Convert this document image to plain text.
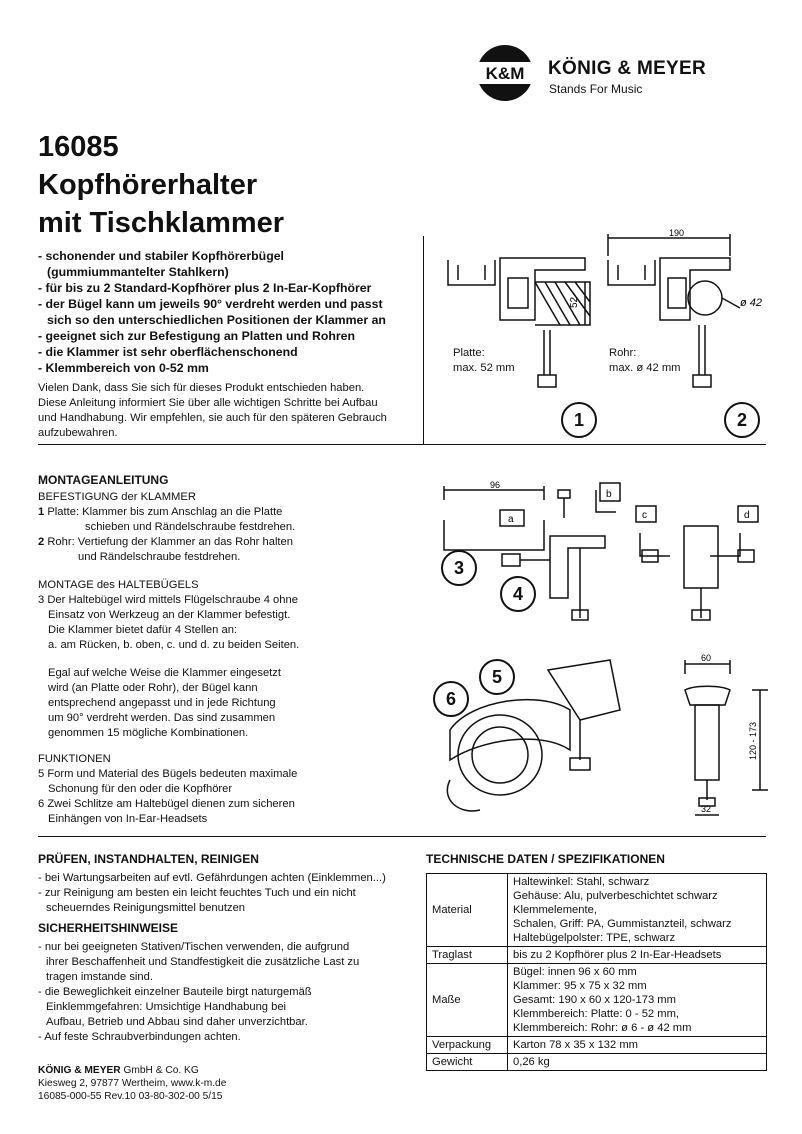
K&M KÖNIG & MEYER
Stands For Music
16085
Kopfhörerhalter
mit Tischklammer
- schonender und stabiler Kopfhörerbügel
(gummiummantelter Stahlkern)
- für bis zu 2 Standard-Kopfhörer plus 2 In-Ear-Kopfhörer
- der Bügel kann um jeweils 90° verdreht werden und passt
sich so den unterschiedlichen Positionen der Klammer an
- geeignet sich zur Befestigung an Platten und Rohren
- die Klammer ist sehr oberflächenschonend
- Klemmbereich von 0-52 mm
Vielen Dank, dass Sie sich für dieses Produkt entschieden haben.
Diese Anleitung informiert Sie über alle wichtigen Schritte bei Aufbau
und Handhabung. Wir empfehlen, sie auch für den späteren Gebrauch
aufzubewahren.
52
190
ø 42
Platte:
max. 52 mm
Rohr:
max. ø 42 mm
1	2
96
a
b
c	d
3
4
60
120 - 173
32
5
6
MONTAGEANLEITUNG
BEFESTIGUNG der KLAMMER
1 Platte: Klammer bis zum Anschlag an die Platte
schieben und Rändelschraube festdrehen.
2 Rohr: Vertiefung der Klammer an das Rohr halten
und Rändelschraube festdrehen.
MONTAGE des HALTEBÜGELS
3 Der Haltebügel wird mittels Flügelschraube 4 ohne
Einsatz von Werkzeug an der Klammer befestigt.
Die Klammer bietet dafür 4 Stellen an:
a. am Rücken, b. oben, c. und d. zu beiden Seiten.
Egal auf welche Weise die Klammer eingesetzt
wird (an Platte oder Rohr), der Bügel kann
entsprechend angepasst und in jede Richtung
um 90° verdreht werden. Das sind zusammen
genommen 15 mögliche Kombinationen.
FUNKTIONEN
5 Form und Material des Bügels bedeuten maximale
Schonung für den oder die Kopfhörer
6 Zwei Schlitze am Haltebügel dienen zum sicheren
Einhängen von In-Ear-Headsets
PRÜFEN, INSTANDHALTEN, REINIGEN
- bei Wartungsarbeiten auf evtl. Gefährdungen achten (Einklemmen...)
- zur Reinigung am besten ein leicht feuchtes Tuch und ein nicht
scheuerndes Reinigungsmittel benutzen
SICHERHEITSHINWEISE
- nur bei geeigneten Stativen/Tischen verwenden, die aufgrund
ihrer Beschaffenheit und Standfestigkeit die zusätzliche Last zu
tragen imstande sind.
- die Beweglichkeit einzelner Bauteile birgt naturgemäß
Einklemmgefahren: Umsichtige Handhabung bei
Aufbau, Betrieb und Abbau sind daher unverzichtbar.
- Auf feste Schraubverbindungen achten.
TECHNISCHE DATEN / SPEZIFIKATIONEN
Material	Haltewinkel: Stahl, schwarz
Gehäuse: Alu, pulverbeschichtet schwarz
Klemmelemente,
Schalen, Griff: PA, Gummistanzteil, schwarz
Haltebügelpolster: TPE, schwarz

Traglast	bis zu 2 Kopfhörer plus 2 In-Ear-Headsets

Maße	Bügel: innen 96 x 60 mm
Klammer: 95 x 75 x 32 mm
Gesamt: 190 x 60 x 120-173 mm
Klemmbereich: Platte: 0 - 52 mm,
Klemmbereich: Rohr: ø 6 - ø 42 mm

Verpackung	Karton 78 x 35 x 132 mm

Gewicht	0,26 kg
KÖNIG & MEYER GmbH & Co. KG
Kiesweg 2, 97877 Wertheim, www.k-m.de
16085-000-55 Rev.10 03-80-302-00 5/15
